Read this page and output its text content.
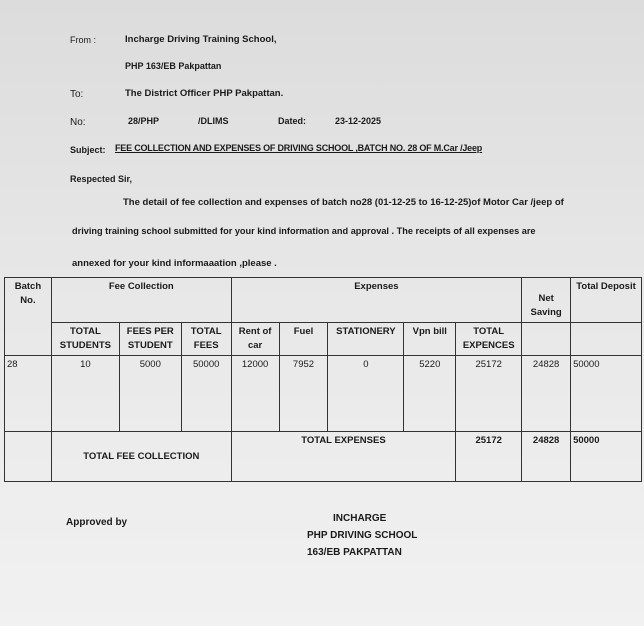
From :	Incharge Driving Training School,
PHP 163/EB Pakpattan
To:	The District Officer PHP Pakpattan.
No:	28/PHP	/DLIMS	Dated:	23-12-2025
Subject: FEE COLLECTION AND EXPENSES OF DRIVING SCHOOL ,BATCH NO. 28 OF M.Car /Jeep
Respected Sir,
The detail of fee collection and expenses of batch no28 (01-12-25 to 16-12-25)of Motor Car /jeep of
driving training school submitted for your kind information and approval . The receipts of all expenses are
annexed for your kind informaaation ,please .
Batch No.	Fee Collection			Expenses					Net Saving	Total Deposit
	TOTAL STUDENTS	FEES PER STUDENT	TOTAL FEES	Rent of car	Fuel	STATIONERY	Vpn bill	TOTAL EXPENCES		
28	10	5000	50000	12000	7952	0	5220	25172	24828	50000
	TOTAL FEE COLLECTION			TOTAL EXPENSES				25172	24828	50000
Approved by	INCHARGE
PHP DRIVING SCHOOL
163/EB PAKPATTAN
